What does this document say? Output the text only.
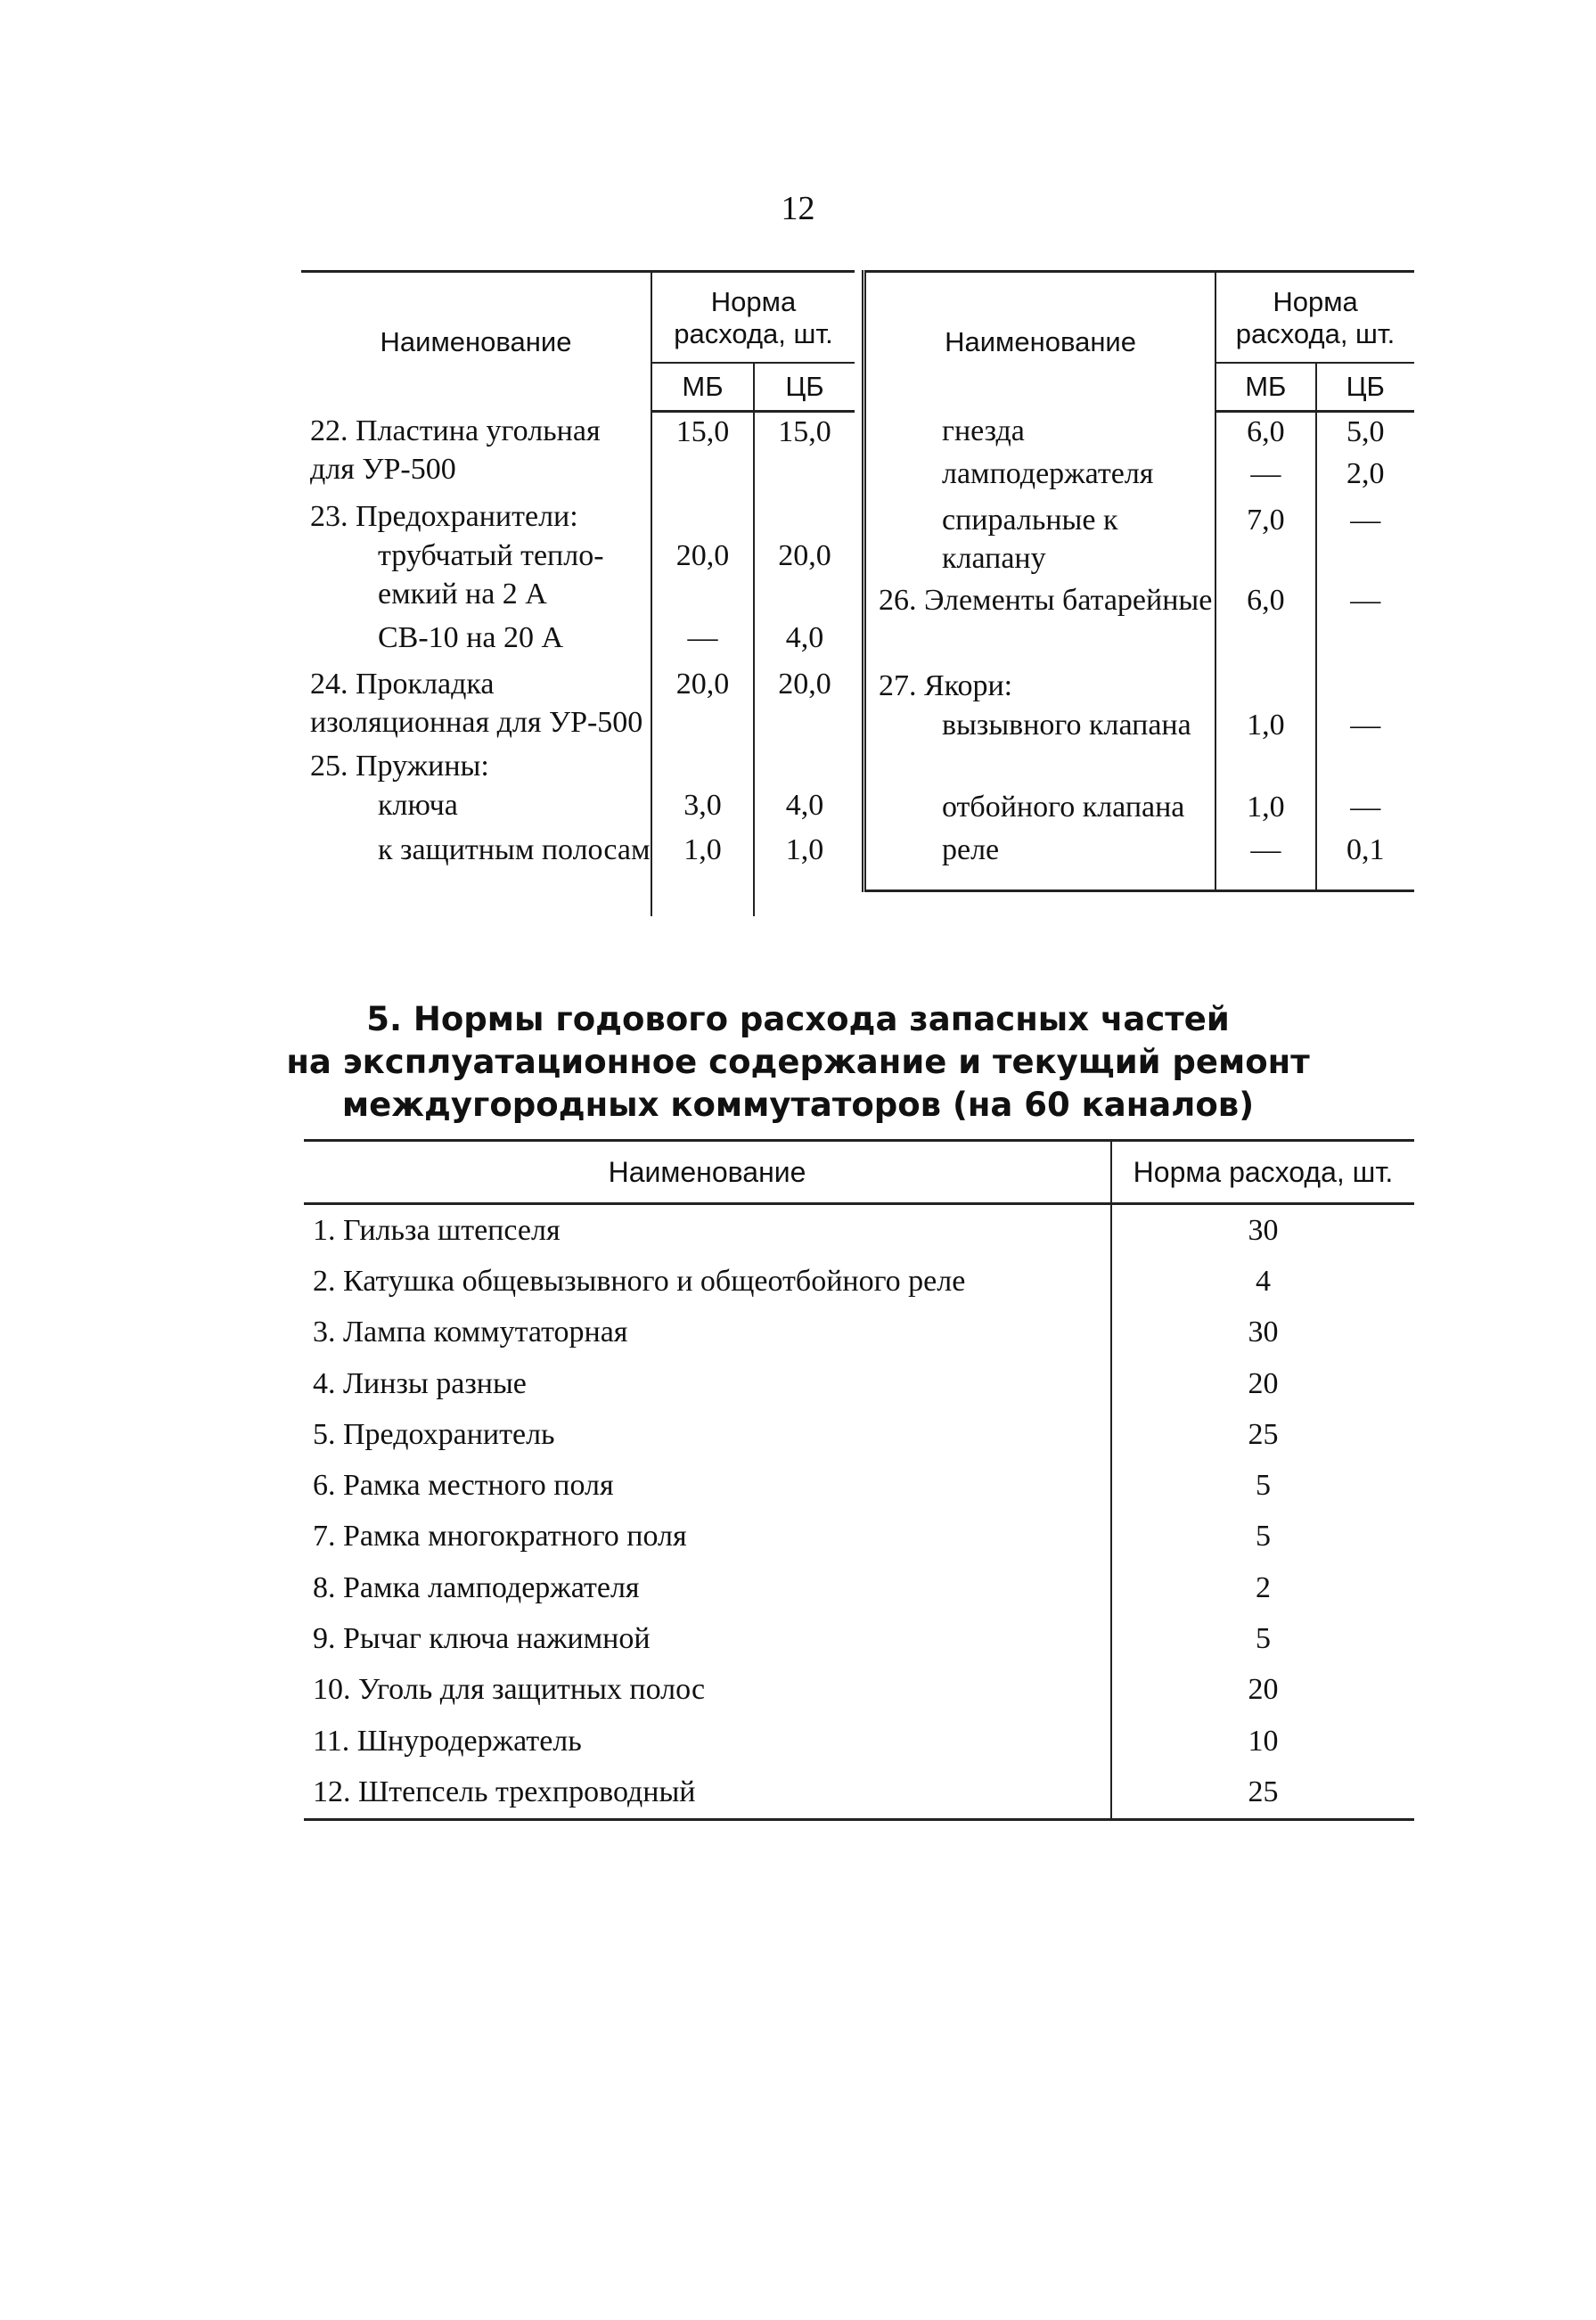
12
Наименование	Норма расхода, шт.	
	МБ	ЦБ
22. Пластина угольная для УР-500	15,0	15,0
23. Предохранители:		
трубчатый тепло-емкий на 2 А	20,0	20,0
СВ-10 на 20 А	—	4,0
24. Прокладка изоляционная для УР-500	20,0	20,0
25. Пружины:		
ключа	3,0	4,0
к защитным полосам	1,0	1,0
Наименование	Норма расхода, шт.	
	МБ	ЦБ
гнезда	6,0	5,0
ламподержателя	—	2,0
спиральные к клапану	7,0	—
26. Элементы батарейные	6,0	—
27. Якори:		
вызывного клапана	1,0	—
отбойного клапана	1,0	—
реле	—	0,1

5. Нормы годового расхода запасных частей
на эксплуатационное содержание и текущий ремонт
междугородных коммутаторов (на 60 каналов)
Наименование	Норма расхода, шт.
1. Гильза штепселя	30
2. Катушка общевызывного и общеотбойного реле	4
3. Лампа коммутаторная	30
4. Линзы разные	20
5. Предохранитель	25
6. Рамка местного поля	5
7. Рамка многократного поля	5
8. Рамка ламподержателя	2
9. Рычаг ключа нажимной	5
10. Уголь для защитных полос	20
11. Шнуродержатель	10
12. Штепсель трехпроводный	25
